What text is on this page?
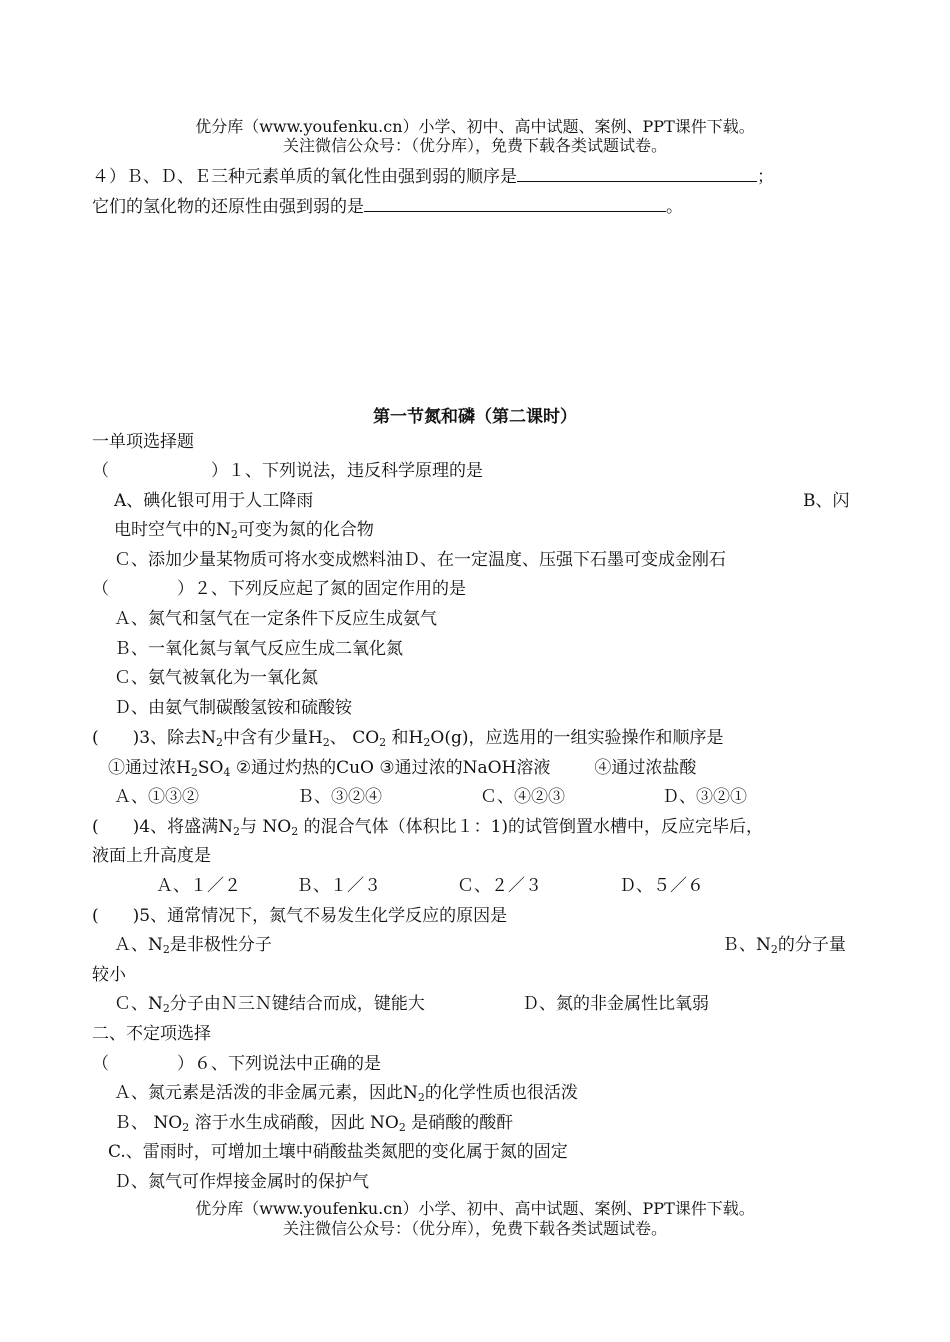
优分库（www.youfenku.cn）小学、初中、高中试题、案例、PPT课件下载。
关注微信公众号：（优分库），免费下载各类试题试卷。
４）Ｂ、Ｄ、Ｅ三种元素单质的氧化性由强到弱的顺序是	；
它们的氢化物的还原性由强到弱的是	。
第一节氮和磷（第二课时）
一单项选择题
（　　　　　　）１、下列说法，违反科学原理的是
A、碘化银可用于人工降雨	B、闪
电时空气中的$N_2$可变为氮的化合物
Ｃ、添加少量某物质可将水变成燃料油Ｄ、在一定温度、压强下石墨可变成金刚石
（　　　　）２、下列反应起了氮的固定作用的是
Ａ、氮气和氢气在一定条件下反应生成氨气
Ｂ、一氧化氮与氧气反应生成二氧化氮
Ｃ、氨气被氧化为一氧化氮
Ｄ、由氨气制碳酸氢铵和硫酸铵
(　　)3、除去$N_2$中含有少量$H_2$、 $CO_2$ 和$H_2O(g)$，应选用的一组实验操作和顺序是
①通过浓$H_2SO_4$ ②通过灼热的CuO ③通过浓的NaOH溶液	④通过浓盐酸
Ａ、①③②	Ｂ、③②④	Ｃ、④②③	Ｄ、③②①
(　　)4、将盛满$N_2$与 $NO_2$ 的混合气体（体积比１：1)的试管倒置水槽中，反应完毕后，
液面上升高度是
Ａ、１／２	Ｂ、１／３	Ｃ、２／３	Ｄ、５／６
(　　)5、通常情况下，氮气不易发生化学反应的原因是
Ａ、$N_2$是非极性分子	Ｂ、$N_2$的分子量
较小
Ｃ、$N_2$分子由Ｎ三Ｎ键结合而成，键能大	Ｄ、氮的非金属性比氧弱
二、不定项选择
（　　　　）６、下列说法中正确的是
Ａ、氮元素是活泼的非金属元素，因此$N_2$的化学性质也很活泼
Ｂ、 $NO_2$ 溶于水生成硝酸，因此 $NO_2$ 是硝酸的酸酐
C.、雷雨时，可增加土壤中硝酸盐类氮肥的变化属于氮的固定
Ｄ、氮气可作焊接金属时的保护气
优分库（www.youfenku.cn）小学、初中、高中试题、案例、PPT课件下载。
关注微信公众号：（优分库），免费下载各类试题试卷。
